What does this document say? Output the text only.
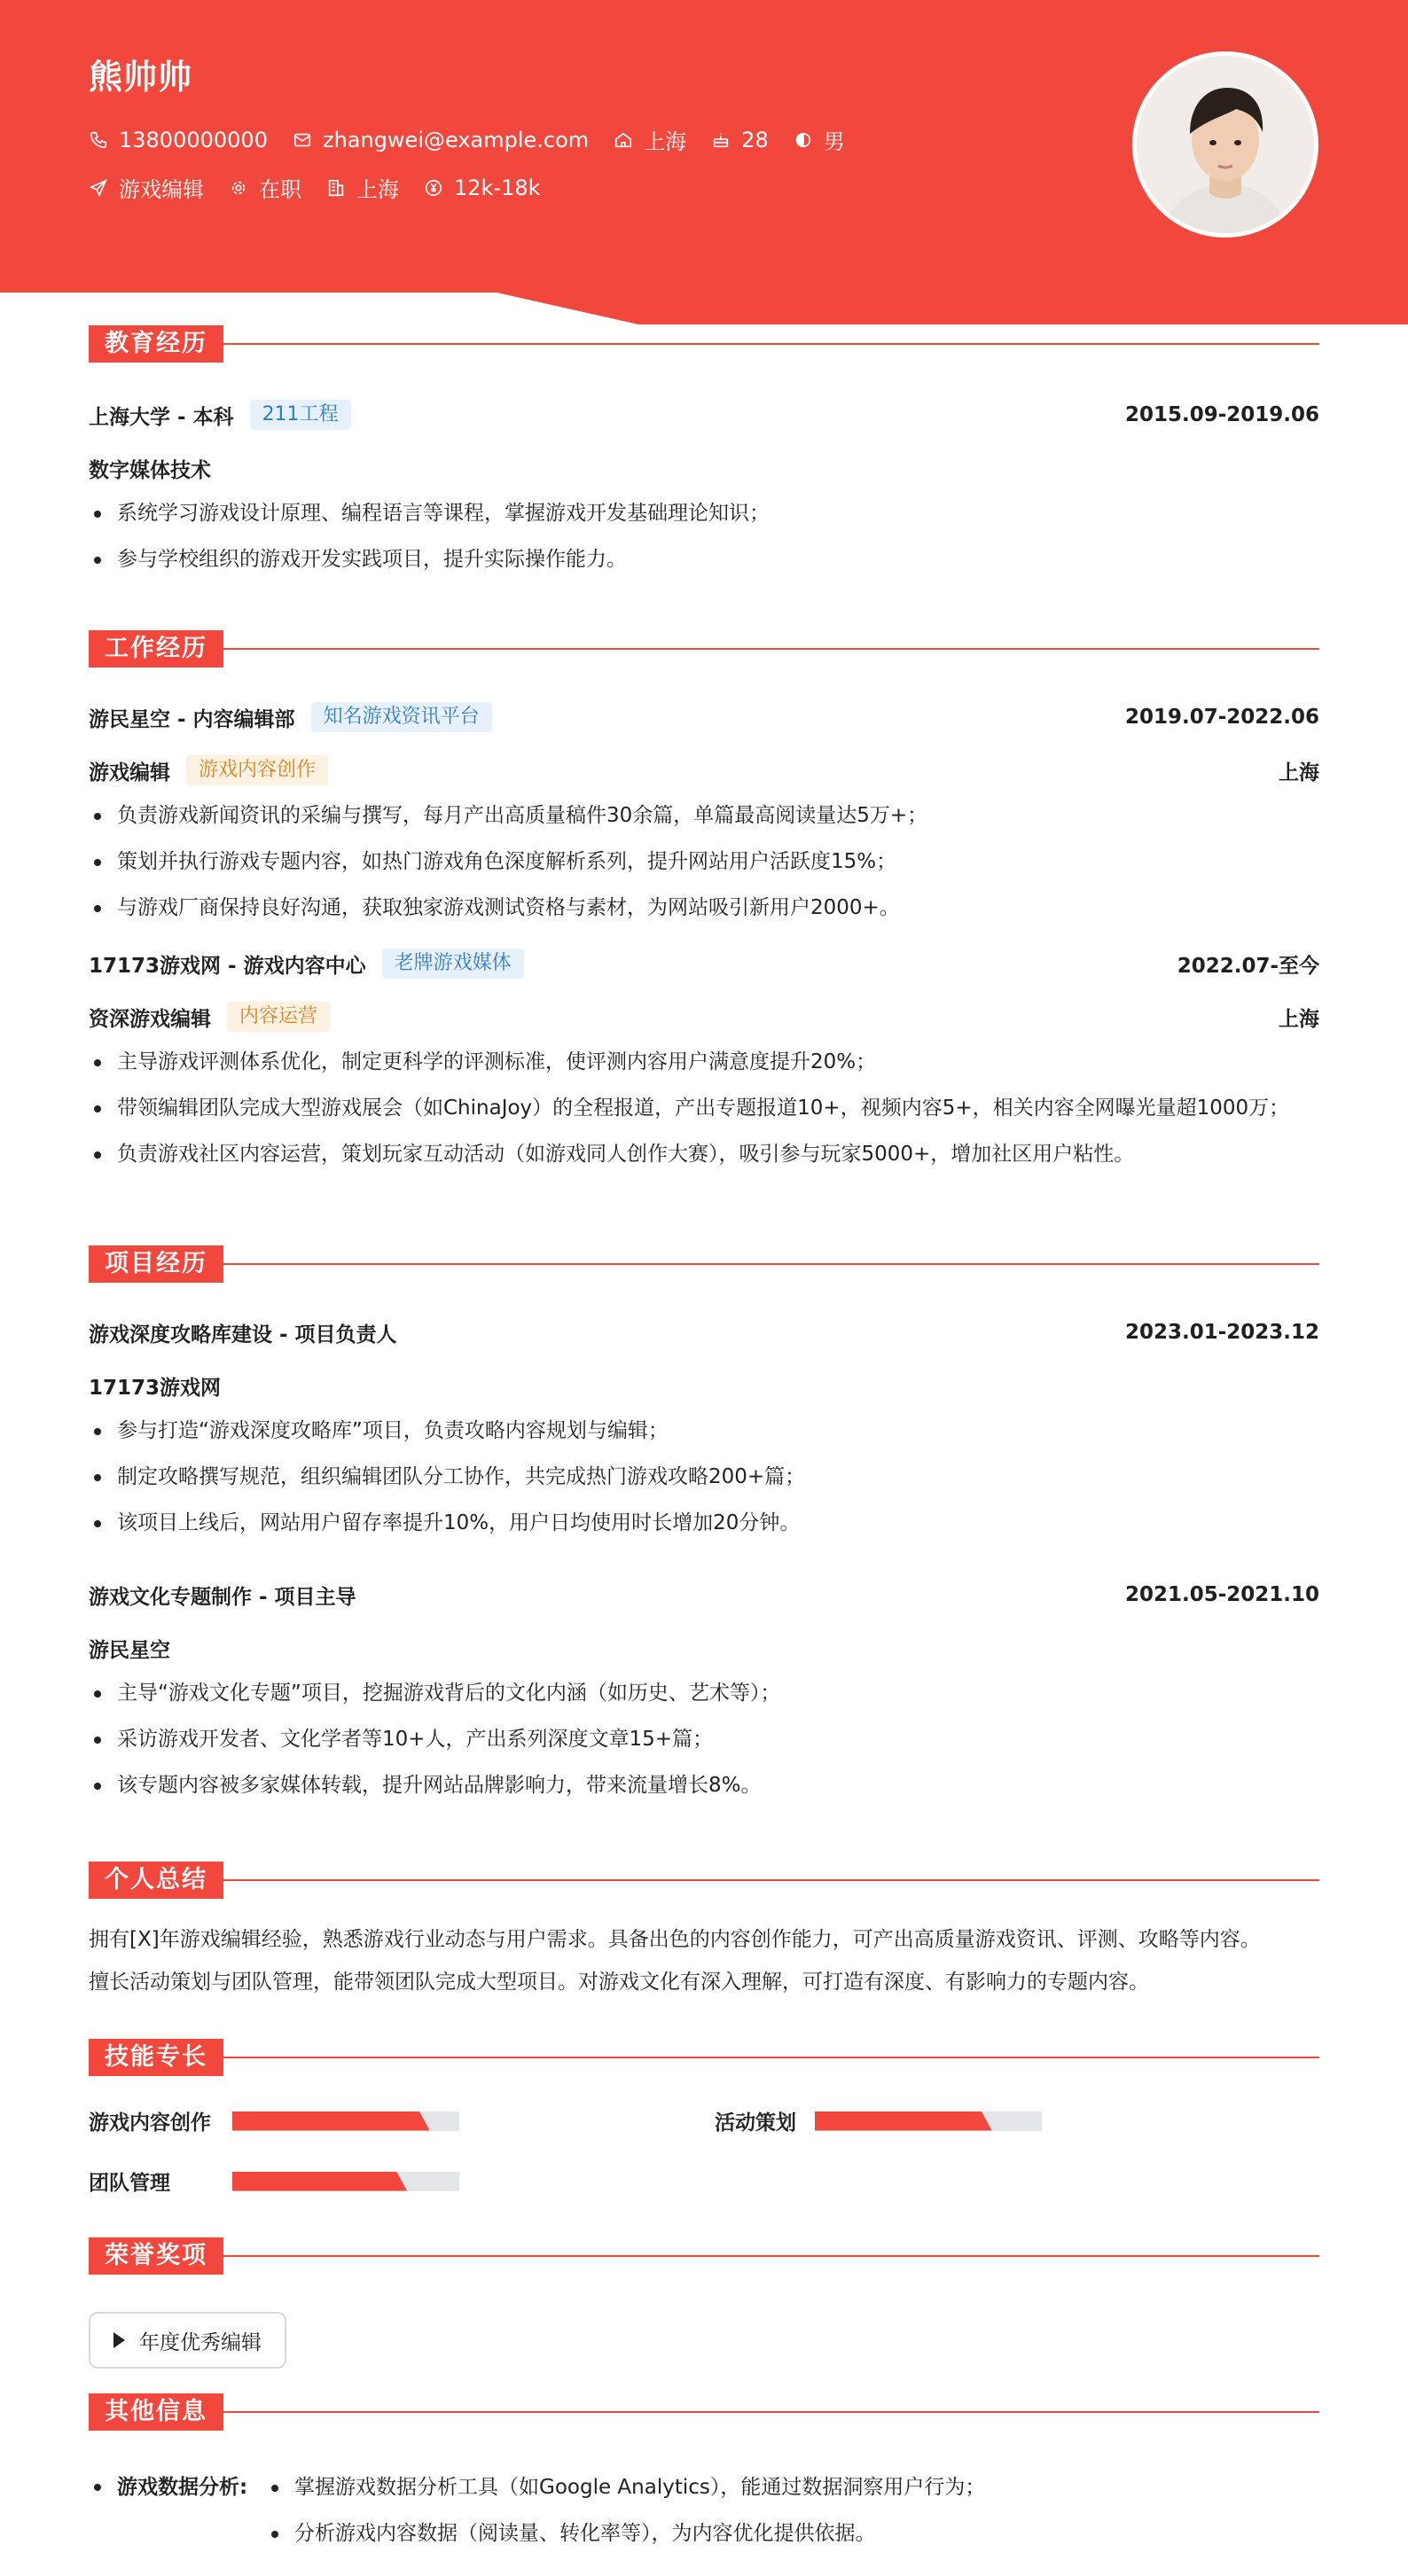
熊帅帅
13800000000	zhangwei@example.com	上海	28	男
游戏编辑	在职	上海	12k-18k
教育经历
上海大学 - 本科	211工程	2015.09-2019.06
数字媒体技术
系统学习游戏设计原理、编程语言等课程，掌握游戏开发基础理论知识；
参与学校组织的游戏开发实践项目，提升实际操作能力。
工作经历
游民星空 - 内容编辑部	知名游戏资讯平台	2019.07-2022.06
游戏编辑	游戏内容创作	上海
负责游戏新闻资讯的采编与撰写，每月产出高质量稿件30余篇，单篇最高阅读量达5万+；
策划并执行游戏专题内容，如热门游戏角色深度解析系列，提升网站用户活跃度15%；
与游戏厂商保持良好沟通，获取独家游戏测试资格与素材，为网站吸引新用户2000+。
17173游戏网 - 游戏内容中心	老牌游戏媒体	2022.07-至今
资深游戏编辑	内容运营	上海
主导游戏评测体系优化，制定更科学的评测标准，使评测内容用户满意度提升20%；
带领编辑团队完成大型游戏展会（如ChinaJoy）的全程报道，产出专题报道10+，视频内容5+，相关内容全网曝光量超1000万；
负责游戏社区内容运营，策划玩家互动活动（如游戏同人创作大赛），吸引参与玩家5000+，增加社区用户粘性。
项目经历
游戏深度攻略库建设 - 项目负责人	2023.01-2023.12
17173游戏网
参与打造“游戏深度攻略库”项目，负责攻略内容规划与编辑；
制定攻略撰写规范，组织编辑团队分工协作，共完成热门游戏攻略200+篇；
该项目上线后，网站用户留存率提升10%，用户日均使用时长增加20分钟。
游戏文化专题制作 - 项目主导	2021.05-2021.10
游民星空
主导“游戏文化专题”项目，挖掘游戏背后的文化内涵（如历史、艺术等）；
采访游戏开发者、文化学者等10+人，产出系列深度文章15+篇；
该专题内容被多家媒体转载，提升网站品牌影响力，带来流量增长8%。
个人总结
拥有[X]年游戏编辑经验，熟悉游戏行业动态与用户需求。具备出色的内容创作能力，可产出高质量游戏资讯、评测、攻略等内容。
擅长活动策划与团队管理，能带领团队完成大型项目。对游戏文化有深入理解，可打造有深度、有影响力的专题内容。
技能专长
游戏内容创作	活动策划
团队管理
荣誉奖项
年度优秀编辑
其他信息
游戏数据分析:	掌握游戏数据分析工具（如Google Analytics），能通过数据洞察用户行为；
分析游戏内容数据（阅读量、转化率等），为内容优化提供依据。
